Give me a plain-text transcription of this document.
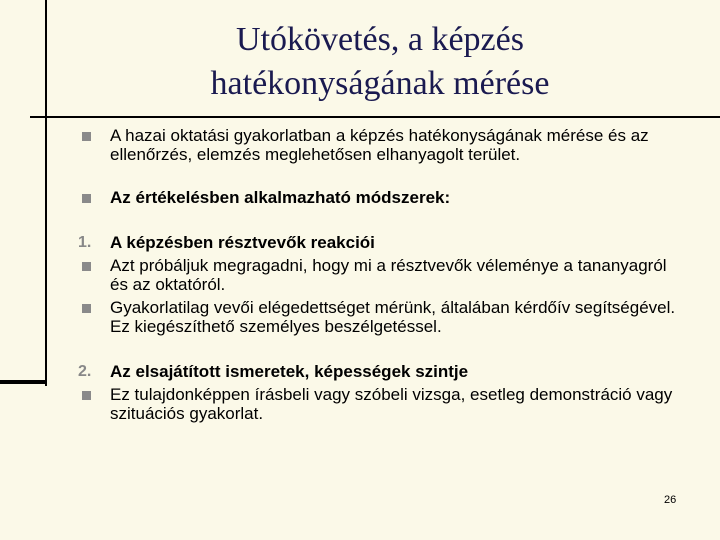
Utókövetés, a képzés
hatékonyságának mérése
A hazai oktatási gyakorlatban a képzés hatékonyságának mérése és az ellenőrzés, elemzés meglehetősen elhanyagolt terület.
Az értékelésben alkalmazható módszerek:
1. A képzésben résztvevők reakciói
Azt próbáljuk megragadni, hogy mi a résztvevők véleménye a tananyagról és az oktatóról.
Gyakorlatilag vevői elégedettséget mérünk, általában kérdőív segítségével. Ez kiegészíthető személyes beszélgetéssel.
2. Az elsajátított ismeretek, képességek szintje
Ez tulajdonképpen írásbeli vagy szóbeli vizsga, esetleg demonstráció vagy szituációs gyakorlat.
26
